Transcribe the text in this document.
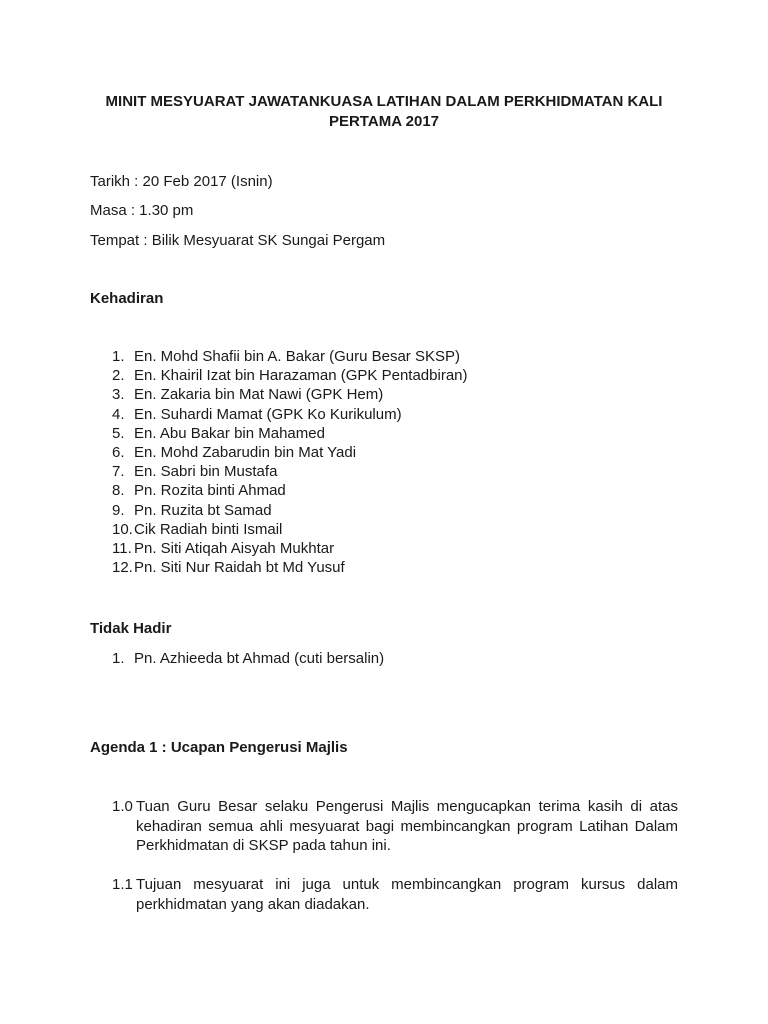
MINIT MESYUARAT JAWATANKUASA LATIHAN DALAM PERKHIDMATAN KALI
PERTAMA 2017
Tarikh : 20 Feb 2017 (Isnin)
Masa : 1.30 pm
Tempat : Bilik Mesyuarat SK Sungai Pergam
Kehadiran
1. En. Mohd Shafii bin A. Bakar (Guru Besar SKSP)
2. En. Khairil Izat bin Harazaman (GPK Pentadbiran)
3. En. Zakaria bin Mat Nawi (GPK Hem)
4. En. Suhardi Mamat (GPK Ko Kurikulum)
5. En. Abu Bakar bin Mahamed
6. En. Mohd Zabarudin bin Mat Yadi
7. En. Sabri bin Mustafa
8. Pn. Rozita binti Ahmad
9. Pn. Ruzita bt Samad
10.Cik Radiah binti Ismail
11. Pn. Siti Atiqah Aisyah Mukhtar
12.Pn. Siti Nur Raidah bt Md Yusuf
Tidak Hadir
1. Pn. Azhieeda bt Ahmad (cuti bersalin)
Agenda 1 : Ucapan Pengerusi Majlis
1.0 Tuan Guru Besar selaku Pengerusi Majlis mengucapkan terima kasih di atas kehadiran semua ahli mesyuarat bagi membincangkan program Latihan Dalam Perkhidmatan di SKSP pada tahun ini.
1.1 Tujuan mesyuarat ini juga untuk membincangkan program kursus dalam perkhidmatan yang akan diadakan.
